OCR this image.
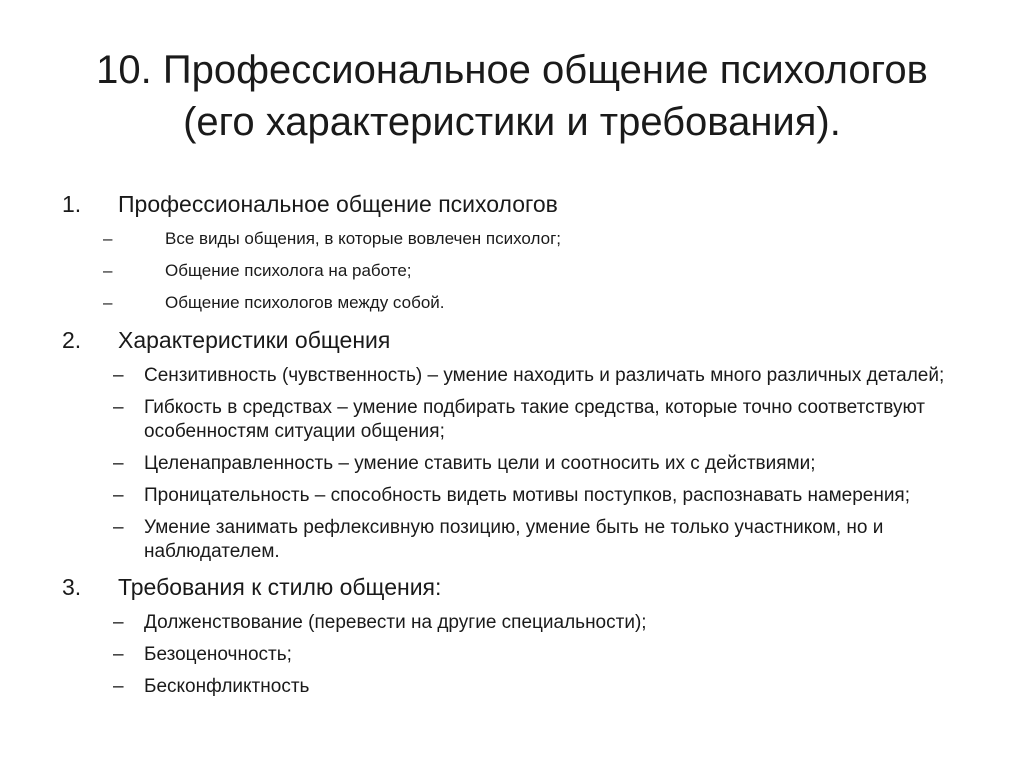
10. Профессиональное общение психологов
(его характеристики и требования).
1. Профессиональное общение психологов
–	Все виды общения, в которые вовлечен психолог;
–	Общение психолога на работе;
–	Общение психологов между собой.
2. Характеристики общения
– Сензитивность (чувственность) – умение находить и различать много различных деталей;
– Гибкость в средствах – умение подбирать такие средства, которые точно соответствуют особенностям ситуации общения;
– Целенаправленность – умение ставить цели и соотносить их с действиями;
– Проницательность – способность видеть мотивы поступков, распознавать намерения;
– Умение занимать рефлексивную позицию, умение быть не только участником, но и наблюдателем.
3. Требования к стилю общения:
– Долженствование (перевести на другие специальности);
– Безоценочность;
– Бесконфликтность
